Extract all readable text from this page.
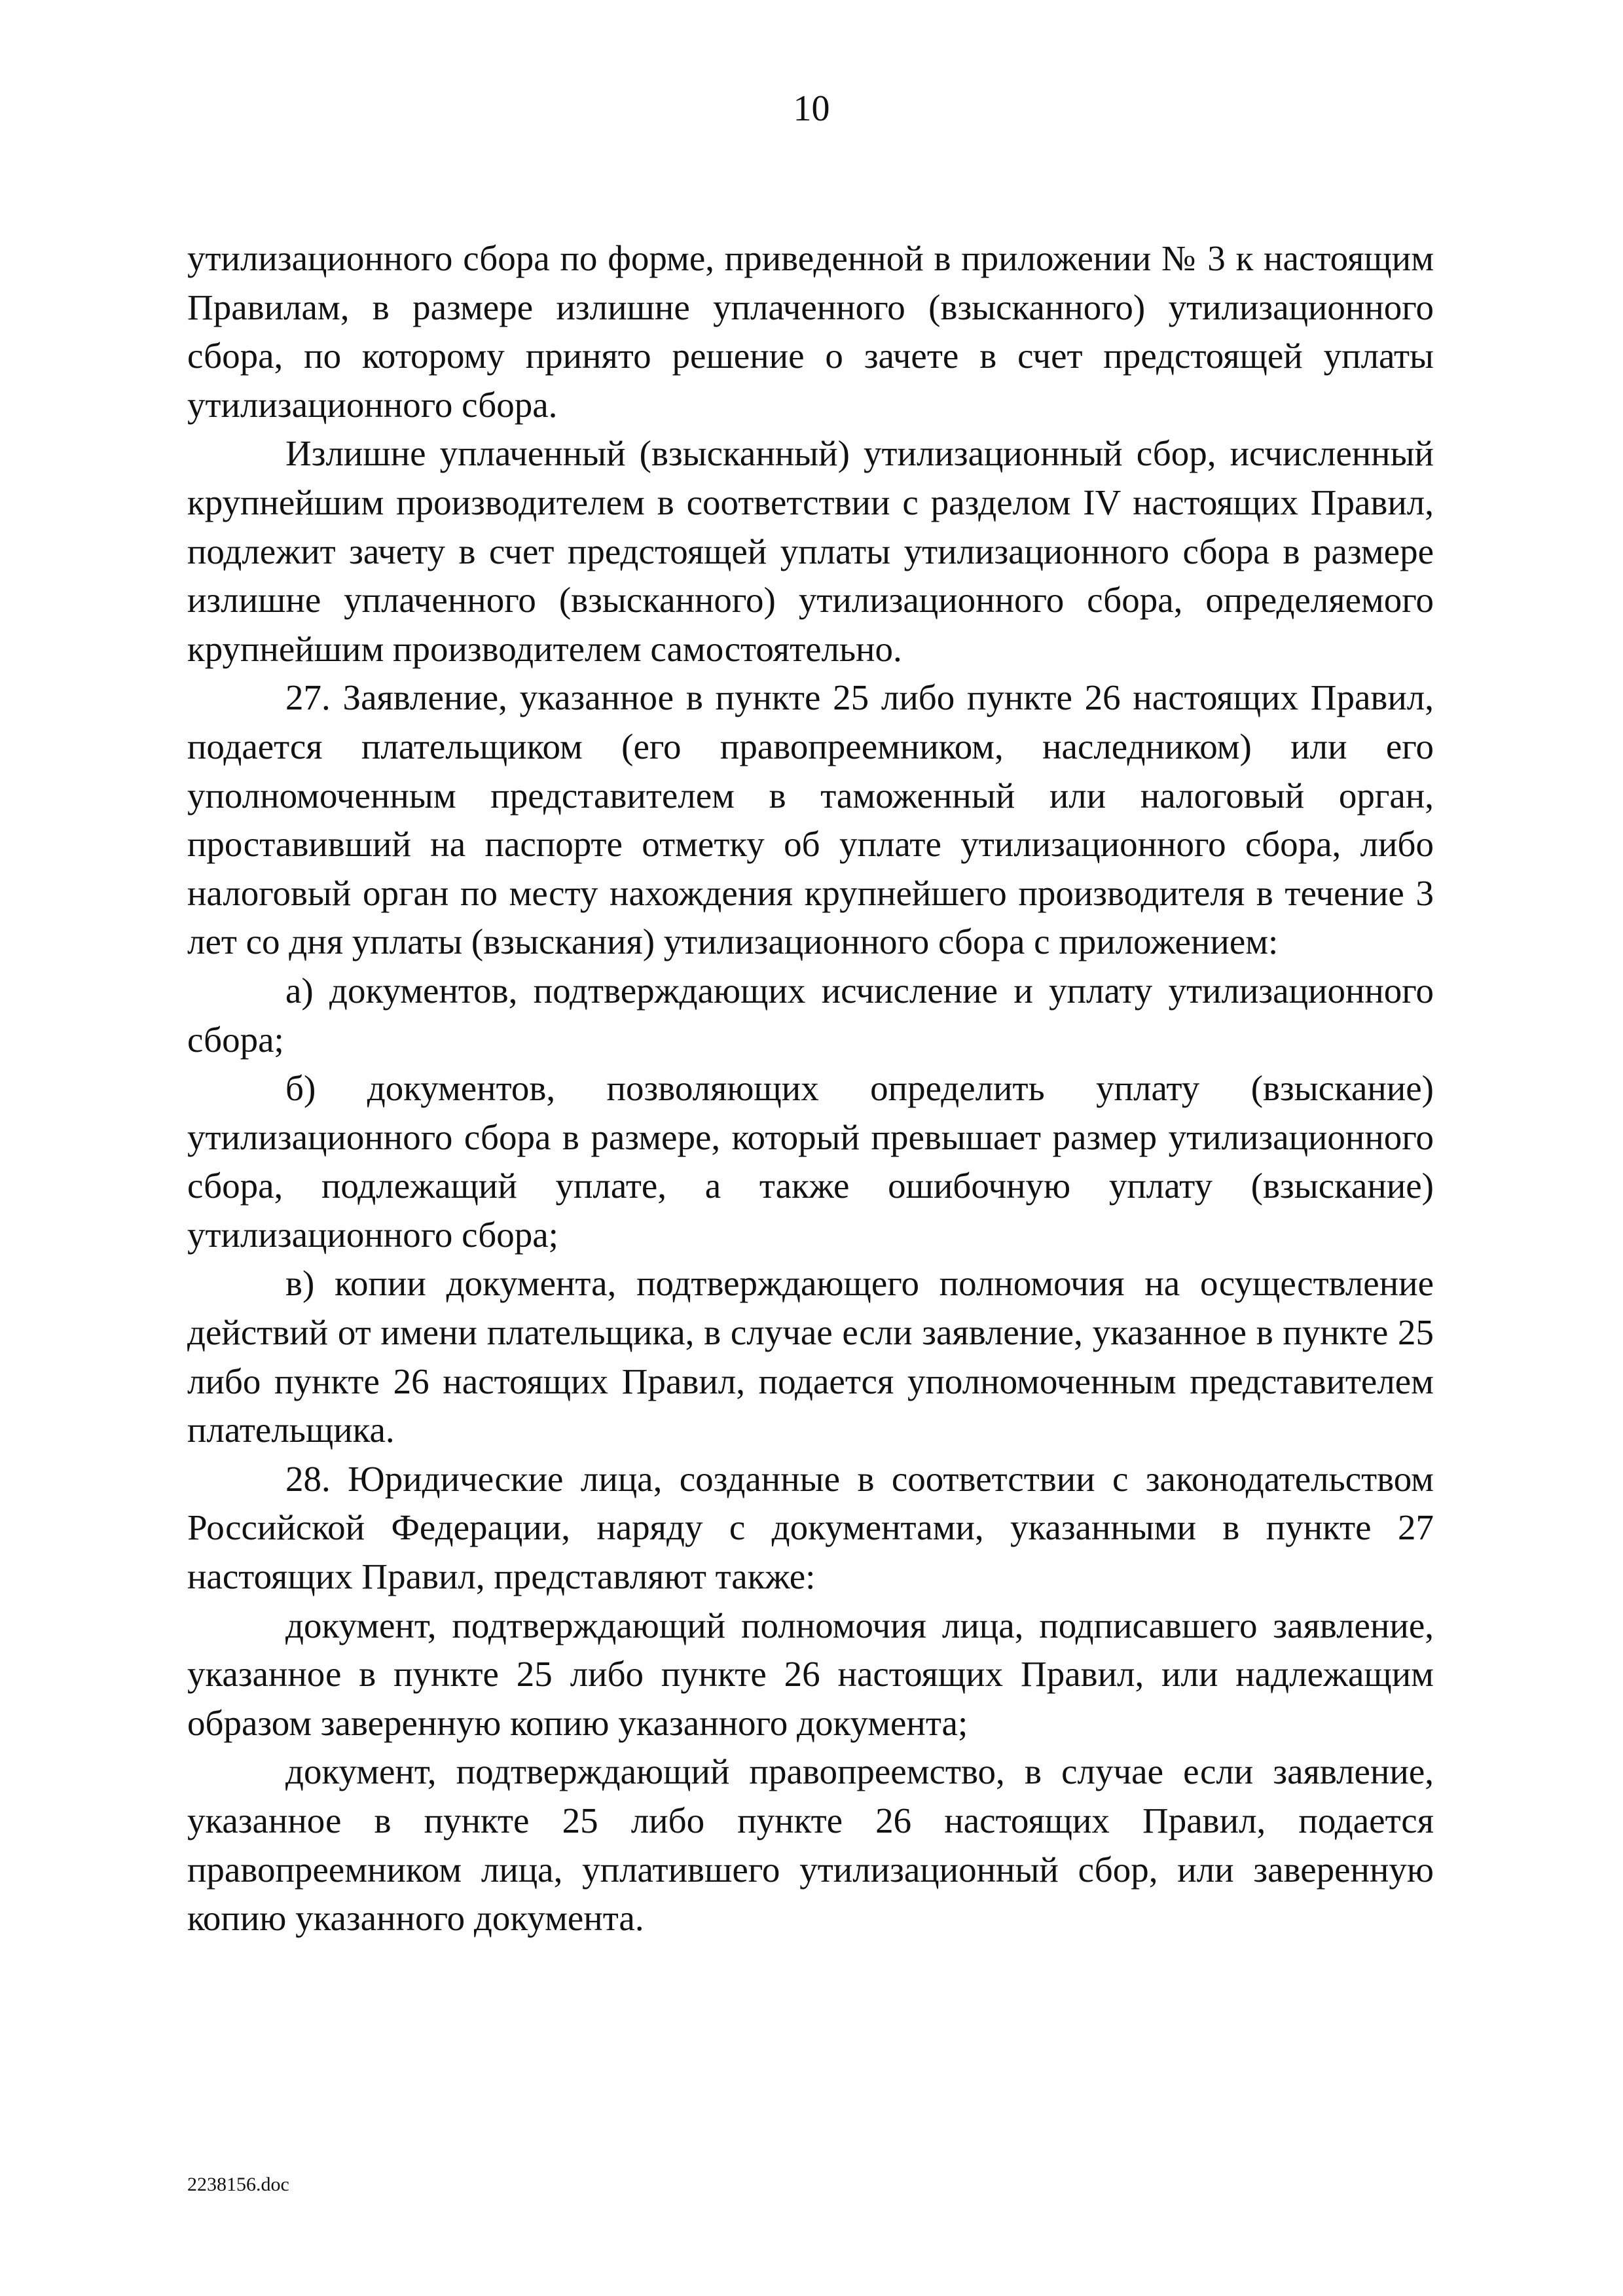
10

утилизационного сбора по форме, приведенной в приложении № 3 к настоящим Правилам, в размере излишне уплаченного (взысканного) утилизационного сбора, по которому принято решение о зачете в счет предстоящей уплаты утилизационного сбора.

Излишне уплаченный (взысканный) утилизационный сбор, исчисленный крупнейшим производителем в соответствии с разделом IV настоящих Правил, подлежит зачету в счет предстоящей уплаты утилизационного сбора в размере излишне уплаченного (взысканного) утилизационного сбора, определяемого крупнейшим производителем самостоятельно.

27. Заявление, указанное в пункте 25 либо пункте 26 настоящих Правил, подается плательщиком (его правопреемником, наследником) или его уполномоченным представителем в таможенный или налоговый орган, проставивший на паспорте отметку об уплате утилизационного сбора, либо налоговый орган по месту нахождения крупнейшего производителя в течение 3 лет со дня уплаты (взыскания) утилизационного сбора с приложением:

а) документов, подтверждающих исчисление и уплату утилизационного сбора;

б) документов, позволяющих определить уплату (взыскание) утилизационного сбора в размере, который превышает размер утилизационного сбора, подлежащий уплате, а также ошибочную уплату (взыскание) утилизационного сбора;

в) копии документа, подтверждающего полномочия на осуществление действий от имени плательщика, в случае если заявление, указанное в пункте 25 либо пункте 26 настоящих Правил, подается уполномоченным представителем плательщика.

28. Юридические лица, созданные в соответствии с законодательством Российской Федерации, наряду с документами, указанными в пункте 27 настоящих Правил, представляют также:

документ, подтверждающий полномочия лица, подписавшего заявление, указанное в пункте 25 либо пункте 26 настоящих Правил, или надлежащим образом заверенную копию указанного документа;

документ, подтверждающий правопреемство, в случае если заявление, указанное в пункте 25 либо пункте 26 настоящих Правил, подается правопреемником лица, уплатившего утилизационный сбор, или заверенную копию указанного документа.

2238156.doc
